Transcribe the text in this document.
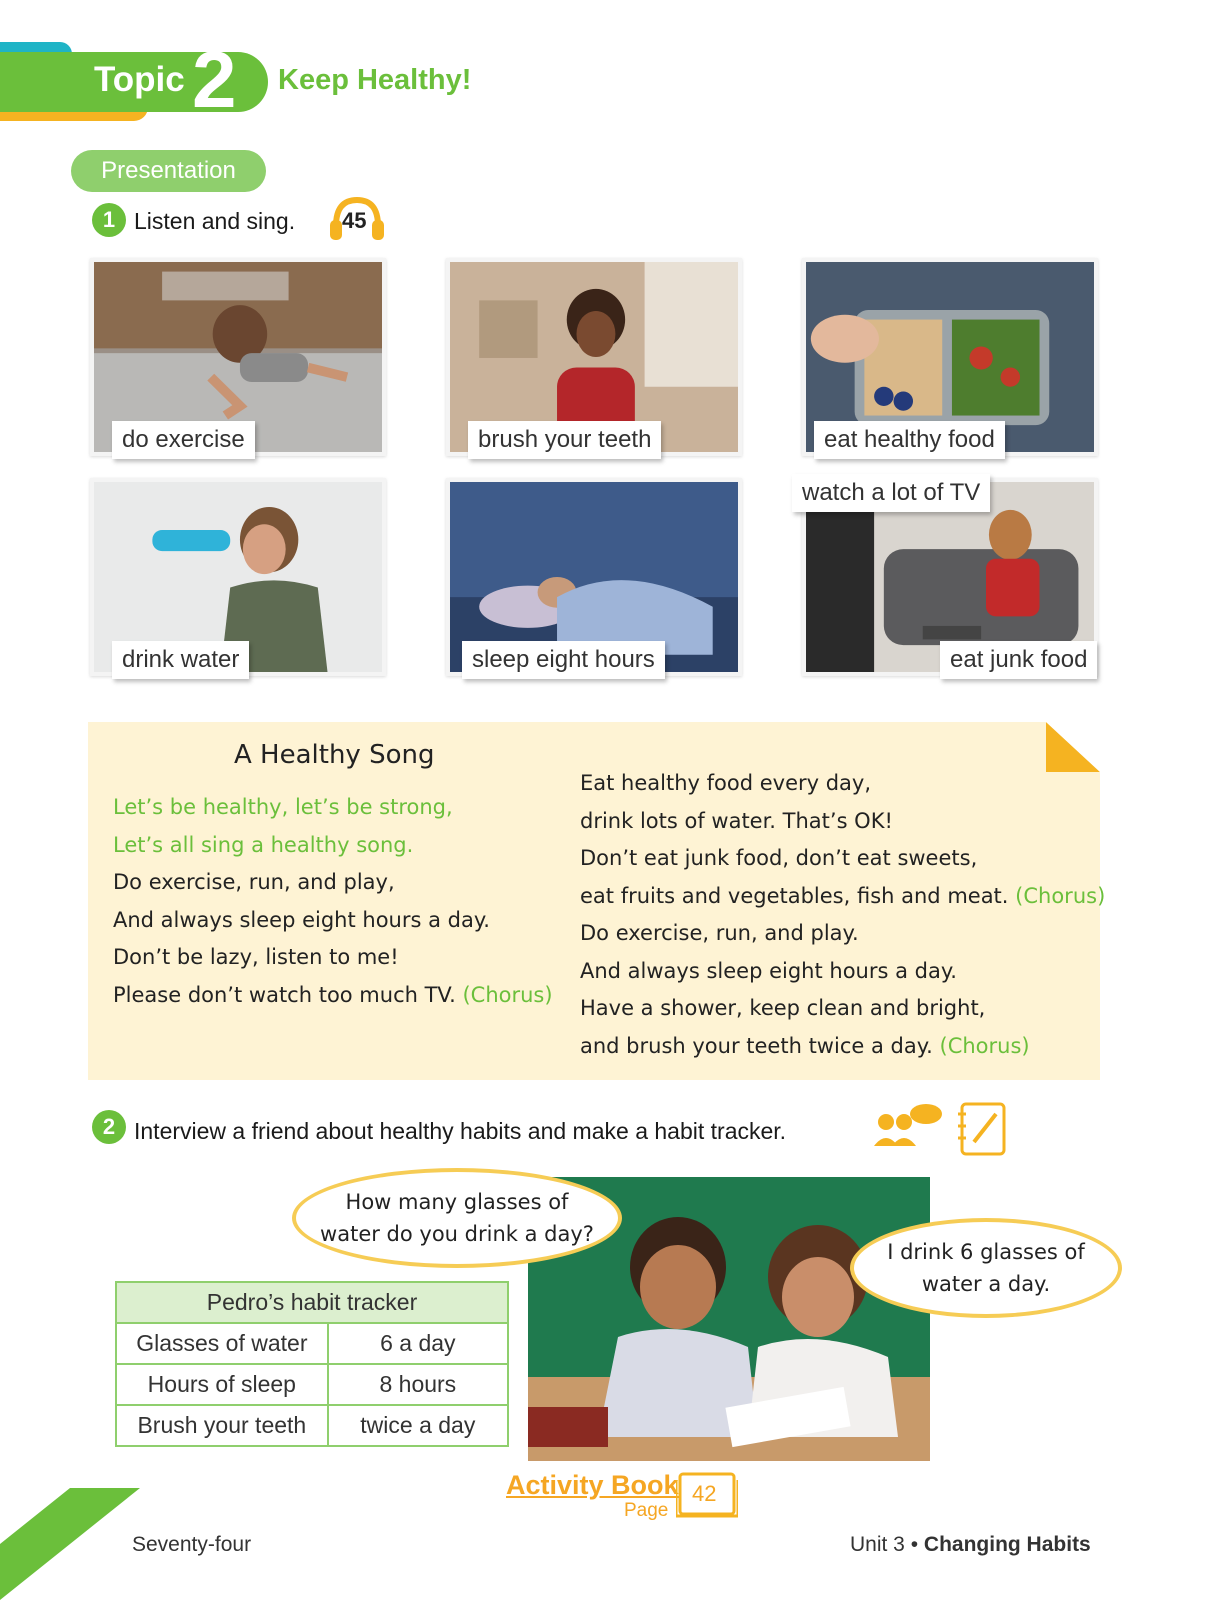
Topic 2 Keep Healthy!
Presentation
1 Listen and sing. 45
do exercise	brush your teeth	eat healthy food
drink water	sleep eight hours
watch a lot of TV
eat junk food
A Healthy Song
Let’s be healthy, let’s be strong,
Let’s all sing a healthy song.
Do exercise, run, and play,
And always sleep eight hours a day.
Don’t be lazy, listen to me!
Please don’t watch too much TV. (Chorus)
Eat healthy food every day,
drink lots of water. That’s OK!
Don’t eat junk food, don’t eat sweets,
eat fruits and vegetables, fish and meat. (Chorus)
Do exercise, run, and play.
And always sleep eight hours a day.
Have a shower, keep clean and bright,
and brush your teeth twice a day. (Chorus)
2 Interview a friend about healthy habits and make a habit tracker.
How many glasses of
water do you drink a day?
I drink 6 glasses of
water a day.
Pedro’s habit tracker	
Glasses of water	6 a day
Hours of sleep	8 hours
Brush your teeth	twice a day
Activity Book
Page
42
74 Seventy-four	Unit 3 • Changing Habits
